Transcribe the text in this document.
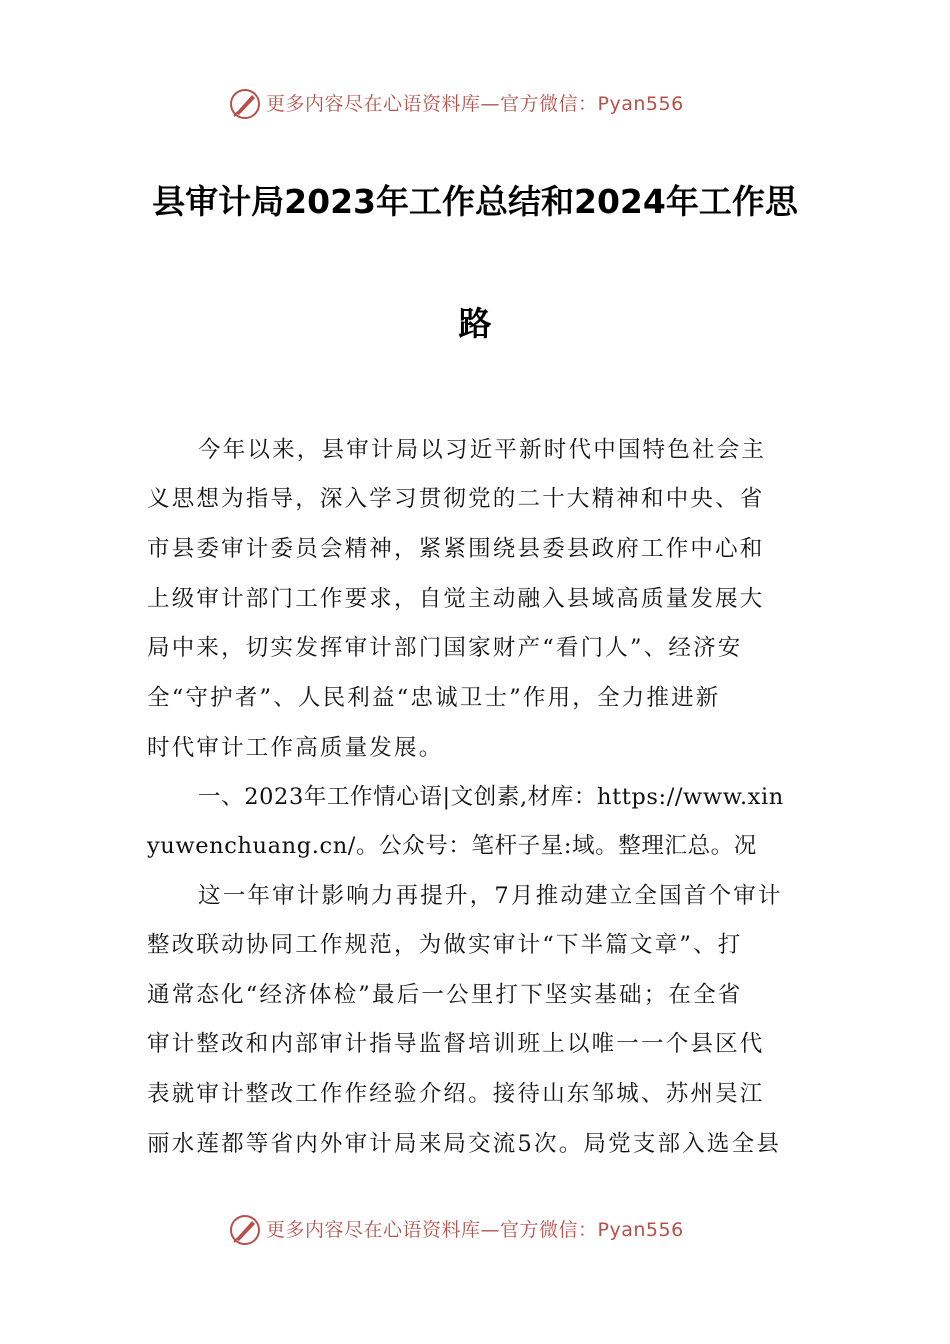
更多内容尽在心语资料库—官方微信：Pyan556
县审计局2023年工作总结和2024年工作思
路
今年以来，县审计局以习近平新时代中国特色社会主
义思想为指导，深入学习贯彻党的二十大精神和中央、省
市县委审计委员会精神，紧紧围绕县委县政府工作中心和
上级审计部门工作要求，自觉主动融入县域高质量发展大
局中来，切实发挥审计部门国家财产“看门人”、经济安
全“守护者”、人民利益“忠诚卫士”作用，全力推进新
时代审计工作高质量发展。
一、2023年工作情心语|文创素,材库：https://www.xin
yuwenchuang.cn/。公众号：笔杆子星:域。整理汇总。况
这一年审计影响力再提升，7月推动建立全国首个审计
整改联动协同工作规范，为做实审计“下半篇文章”、打
通常态化“经济体检”最后一公里打下坚实基础；在全省
审计整改和内部审计指导监督培训班上以唯一一个县区代
表就审计整改工作作经验介绍。接待山东邹城、苏州吴江
丽水莲都等省内外审计局来局交流5次。局党支部入选全县
更多内容尽在心语资料库—官方微信：Pyan556
